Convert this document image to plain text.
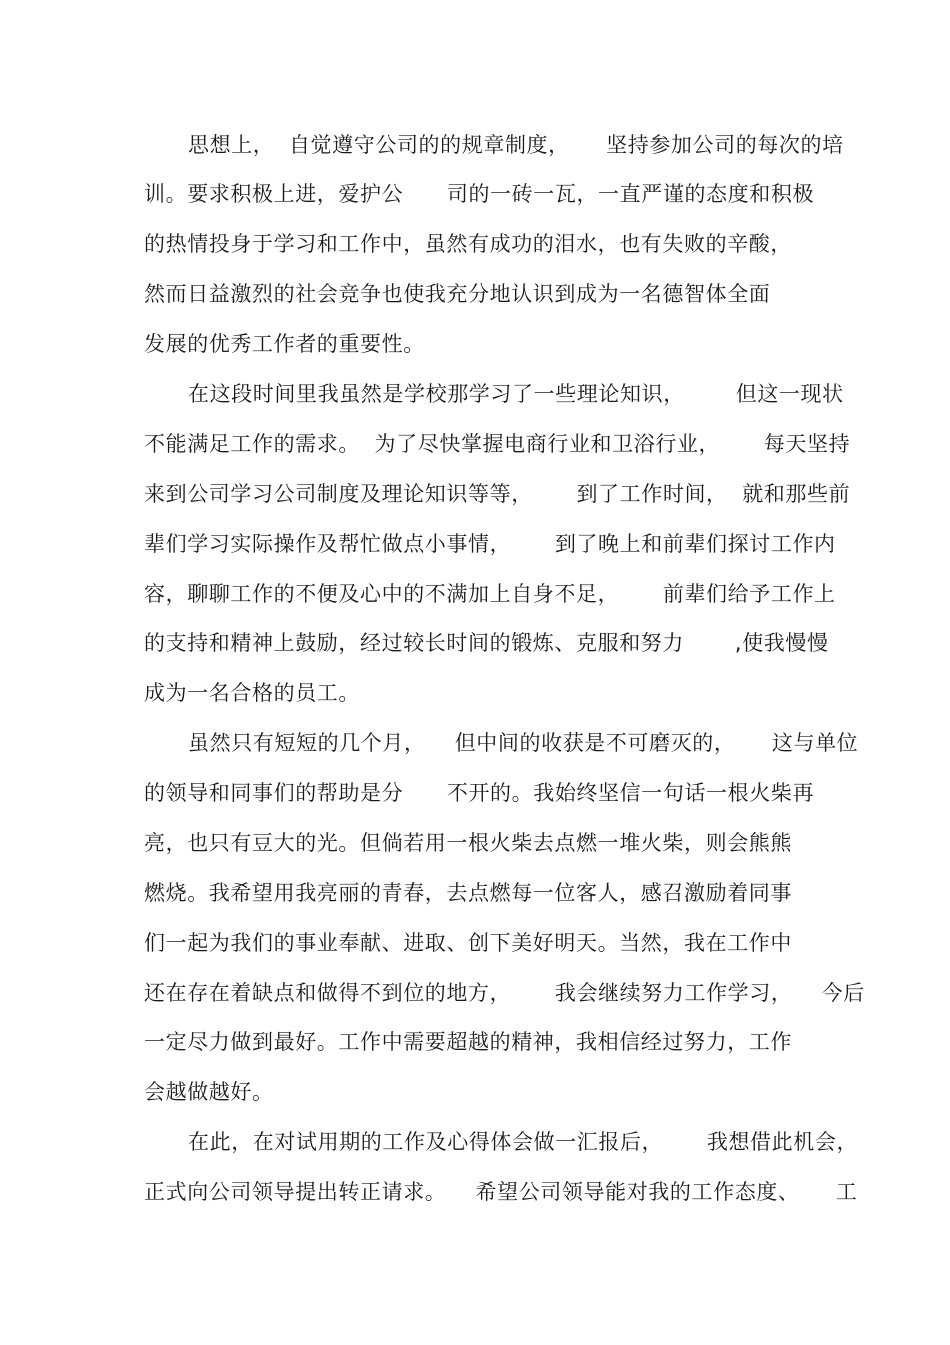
思想上，  自觉遵守公司的的规章制度，     坚持参加公司的每次的培
训。要求积极上进，爱护公      司的一砖一瓦，一直严谨的态度和积极
的热情投身于学习和工作中，虽然有成功的泪水，也有失败的辛酸，
然而日益激烈的社会竞争也使我充分地认识到成为一名德智体全面
发展的优秀工作者的重要性。
在这段时间里我虽然是学校那学习了一些理论知识，       但这一现状
不能满足工作的需求。  为了尽快掌握电商行业和卫浴行业，      每天坚持
来到公司学习公司制度及理论知识等等，      到了工作时间，  就和那些前
辈们学习实际操作及帮忙做点小事情，      到了晚上和前辈们探讨工作内
容，聊聊工作的不便及心中的不满加上自身不足，      前辈们给予工作上
的支持和精神上鼓励，经过较长时间的锻炼、克服和努力       ,使我慢慢
成为一名合格的员工。
虽然只有短短的几个月，    但中间的收获是不可磨灭的，     这与单位
的领导和同事们的帮助是分      不开的。我始终坚信一句话一根火柴再
亮，也只有豆大的光。但倘若用一根火柴去点燃一堆火柴，则会熊熊
燃烧。我希望用我亮丽的青春，去点燃每一位客人，感召激励着同事
们一起为我们的事业奉献、进取、创下美好明天。当然，我在工作中
还在存在着缺点和做得不到位的地方，      我会继续努力工作学习，    今后
一定尽力做到最好。工作中需要超越的精神，我相信经过努力，工作
会越做越好。
在此，在对试用期的工作及心得体会做一汇报后，      我想借此机会，
正式向公司领导提出转正请求。    希望公司领导能对我的工作态度、     工
